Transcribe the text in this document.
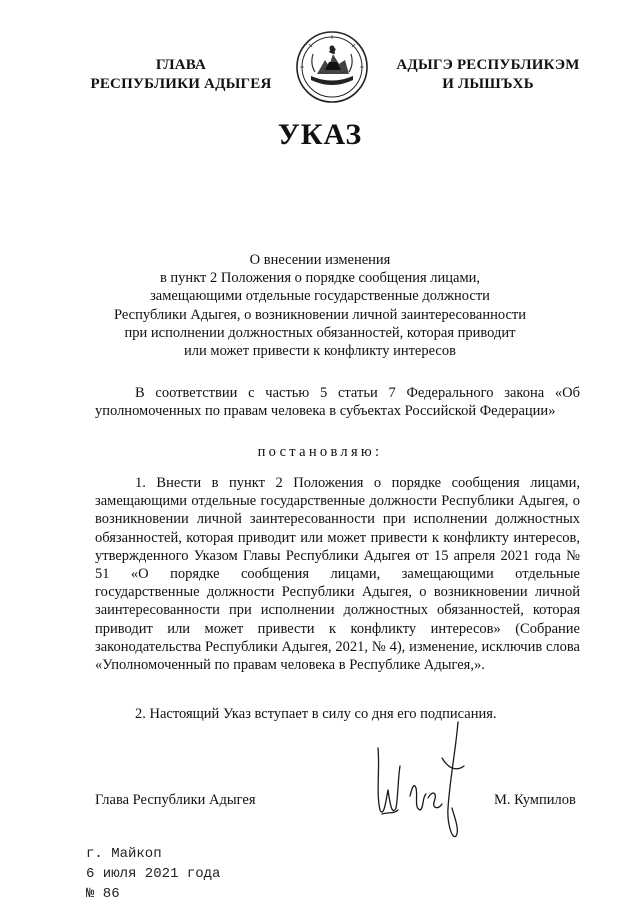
ГЛАВА
РЕСПУБЛИКИ АДЫГЕЯ
АДЫГЭ РЕСПУБЛИКЭМ
И ЛЫШЪХЬ
УКАЗ
О внесении изменения
в пункт 2 Положения о порядке сообщения лицами,
замещающими отдельные государственные должности
Республики Адыгея, о возникновении личной заинтересованности
при исполнении должностных обязанностей, которая приводит
или может привести к конфликту интересов
В соответствии с частью 5 статьи 7 Федерального закона «Об уполномоченных по правам человека в субъектах Российской Федерации»
постановляю:
1. Внести в пункт 2 Положения о порядке сообщения лицами, замещающими отдельные государственные должности Республики Адыгея, о возникновении личной заинтересованности при исполнении должностных обязанностей, которая приводит или может привести к конфликту интересов, утвержденного Указом Главы Республики Адыгея от 15 апреля 2021 года № 51 «О порядке сообщения лицами, замещающими отдельные государственные должности Республики Адыгея, о возникновении личной заинтересованности при исполнении должностных обязанностей, которая приводит или может привести к конфликту интересов» (Собрание законодательства Республики Адыгея, 2021, № 4), изменение, исключив слова «Уполномоченный по правам человека в Республике Адыгея,».
2. Настоящий Указ вступает в силу со дня его подписания.
Глава Республики Адыгея	М. Кумпилов
г. Майкоп
6 июля 2021 года
№ 86
